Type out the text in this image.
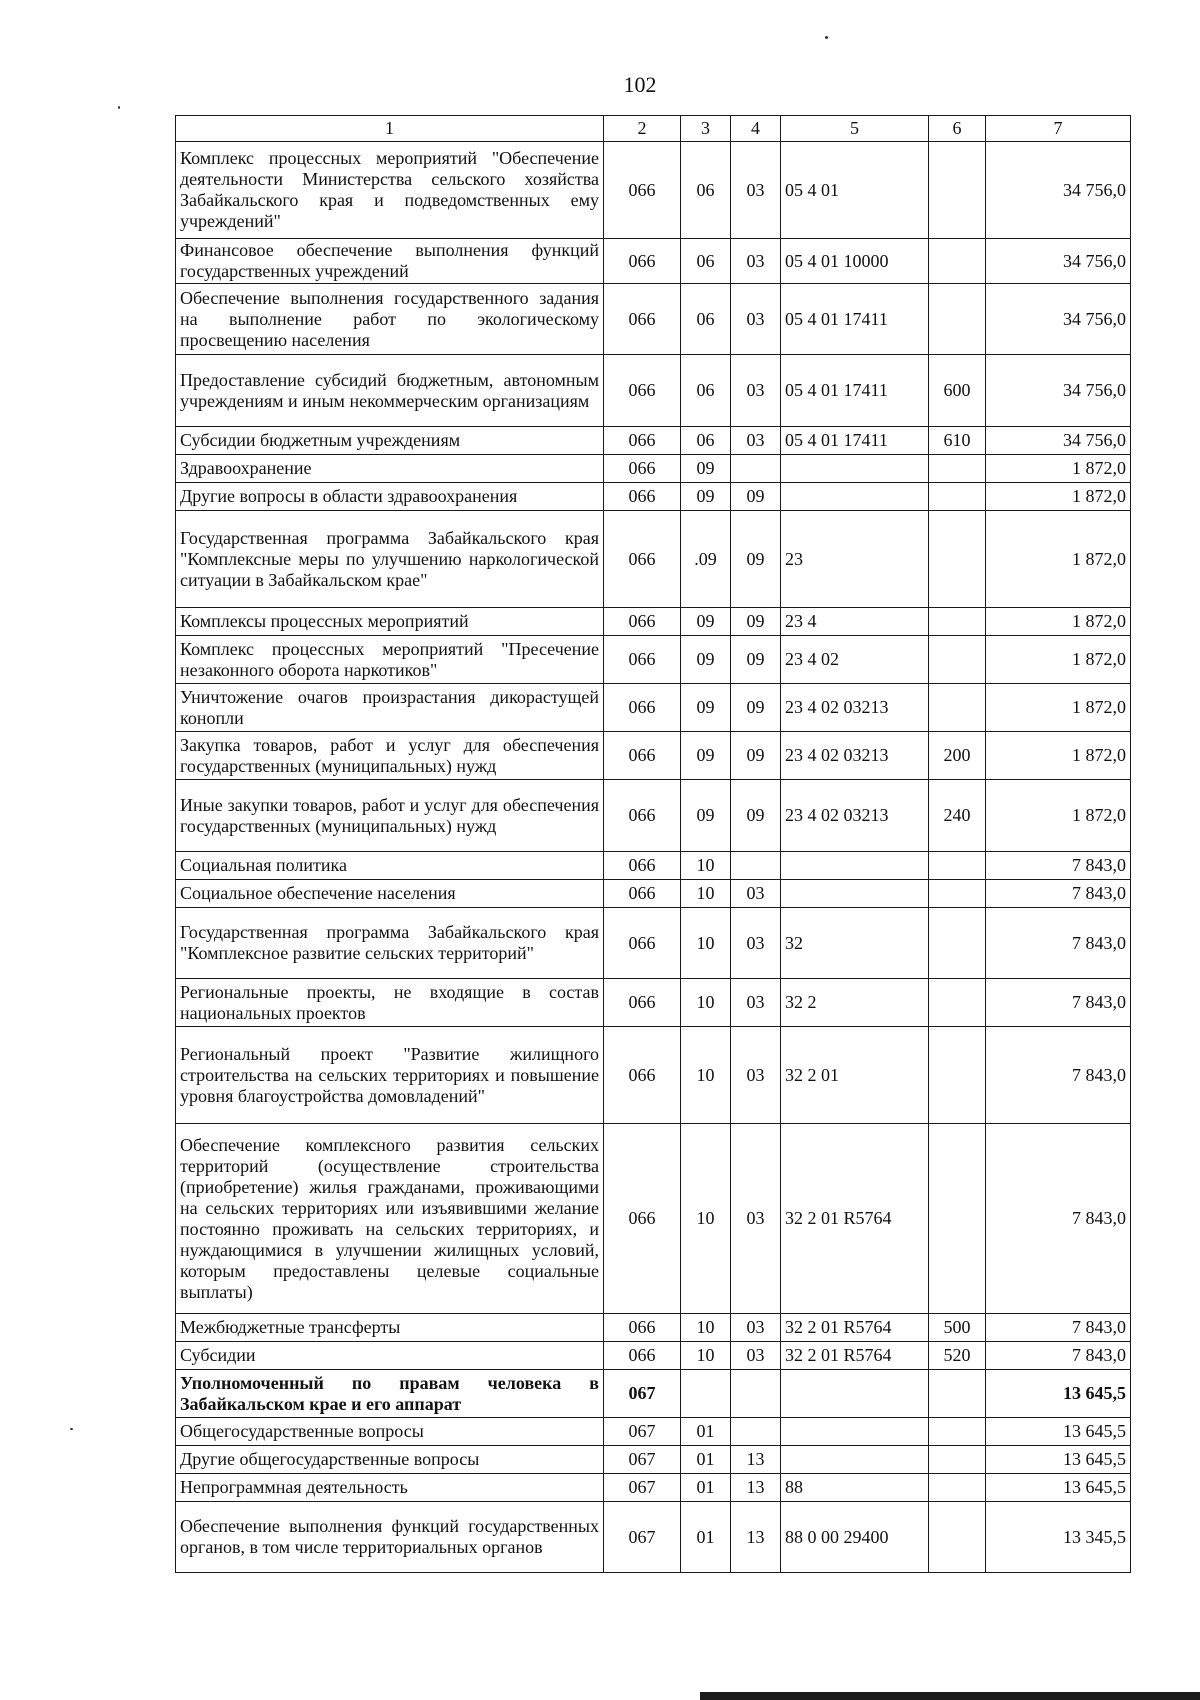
102
1	2	3	4	5	6	7
Комплекс процессных мероприятий "Обеспечение деятельности Министерства сельского хозяйства Забайкальского края и подведомственных ему учреждений"	066	06	03	05 4 01		34 756,0
Финансовое обеспечение выполнения функций государственных учреждений	066	06	03	05 4 01 10000		34 756,0
Обеспечение выполнения государственного задания на выполнение работ по экологическому просвещению населения	066	06	03	05 4 01 17411		34 756,0
Предоставление субсидий бюджетным, автономным учреждениям и иным некоммерческим организациям	066	06	03	05 4 01 17411	600	34 756,0
Субсидии бюджетным учреждениям	066	06	03	05 4 01 17411	610	34 756,0
Здравоохранение	066	09				1 872,0
Другие вопросы в области здравоохранения	066	09	09			1 872,0
Государственная программа Забайкальского края "Комплексные меры по улучшению наркологической ситуации в Забайкальском крае"	066	.09	09	23		1 872,0
Комплексы процессных мероприятий	066	09	09	23 4		1 872,0
Комплекс процессных мероприятий "Пресечение незаконного оборота наркотиков"	066	09	09	23 4 02		1 872,0
Уничтожение очагов произрастания дикорастущей конопли	066	09	09	23 4 02 03213		1 872,0
Закупка товаров, работ и услуг для обеспечения государственных (муниципальных) нужд	066	09	09	23 4 02 03213	200	1 872,0
Иные закупки товаров, работ и услуг для обеспечения государственных (муниципальных) нужд	066	09	09	23 4 02 03213	240	1 872,0
Социальная политика	066	10				7 843,0
Социальное обеспечение населения	066	10	03			7 843,0
Государственная программа Забайкальского края "Комплексное развитие сельских территорий"	066	10	03	32		7 843,0
Региональные проекты, не входящие в состав национальных проектов	066	10	03	32 2		7 843,0
Региональный проект "Развитие жилищного строительства на сельских территориях и повышение уровня благоустройства домовладений"	066	10	03	32 2 01		7 843,0
Обеспечение комплексного развития сельских территорий (осуществление строительства (приобретение) жилья гражданами, проживающими на сельских территориях или изъявившими желание постоянно проживать на сельских территориях, и нуждающимися в улучшении жилищных условий, которым предоставлены целевые социальные выплаты)	066	10	03	32 2 01 R5764		7 843,0
Межбюджетные трансферты	066	10	03	32 2 01 R5764	500	7 843,0
Субсидии	066	10	03	32 2 01 R5764	520	7 843,0
Уполномоченный по правам человека в Забайкальском крае и его аппарат	067					13 645,5
Общегосударственные вопросы	067	01				13 645,5
Другие общегосударственные вопросы	067	01	13			13 645,5
Непрограммная деятельность	067	01	13	88		13 645,5
Обеспечение выполнения функций государственных органов, в том числе территориальных органов	067	01	13	88 0 00 29400		13 345,5
